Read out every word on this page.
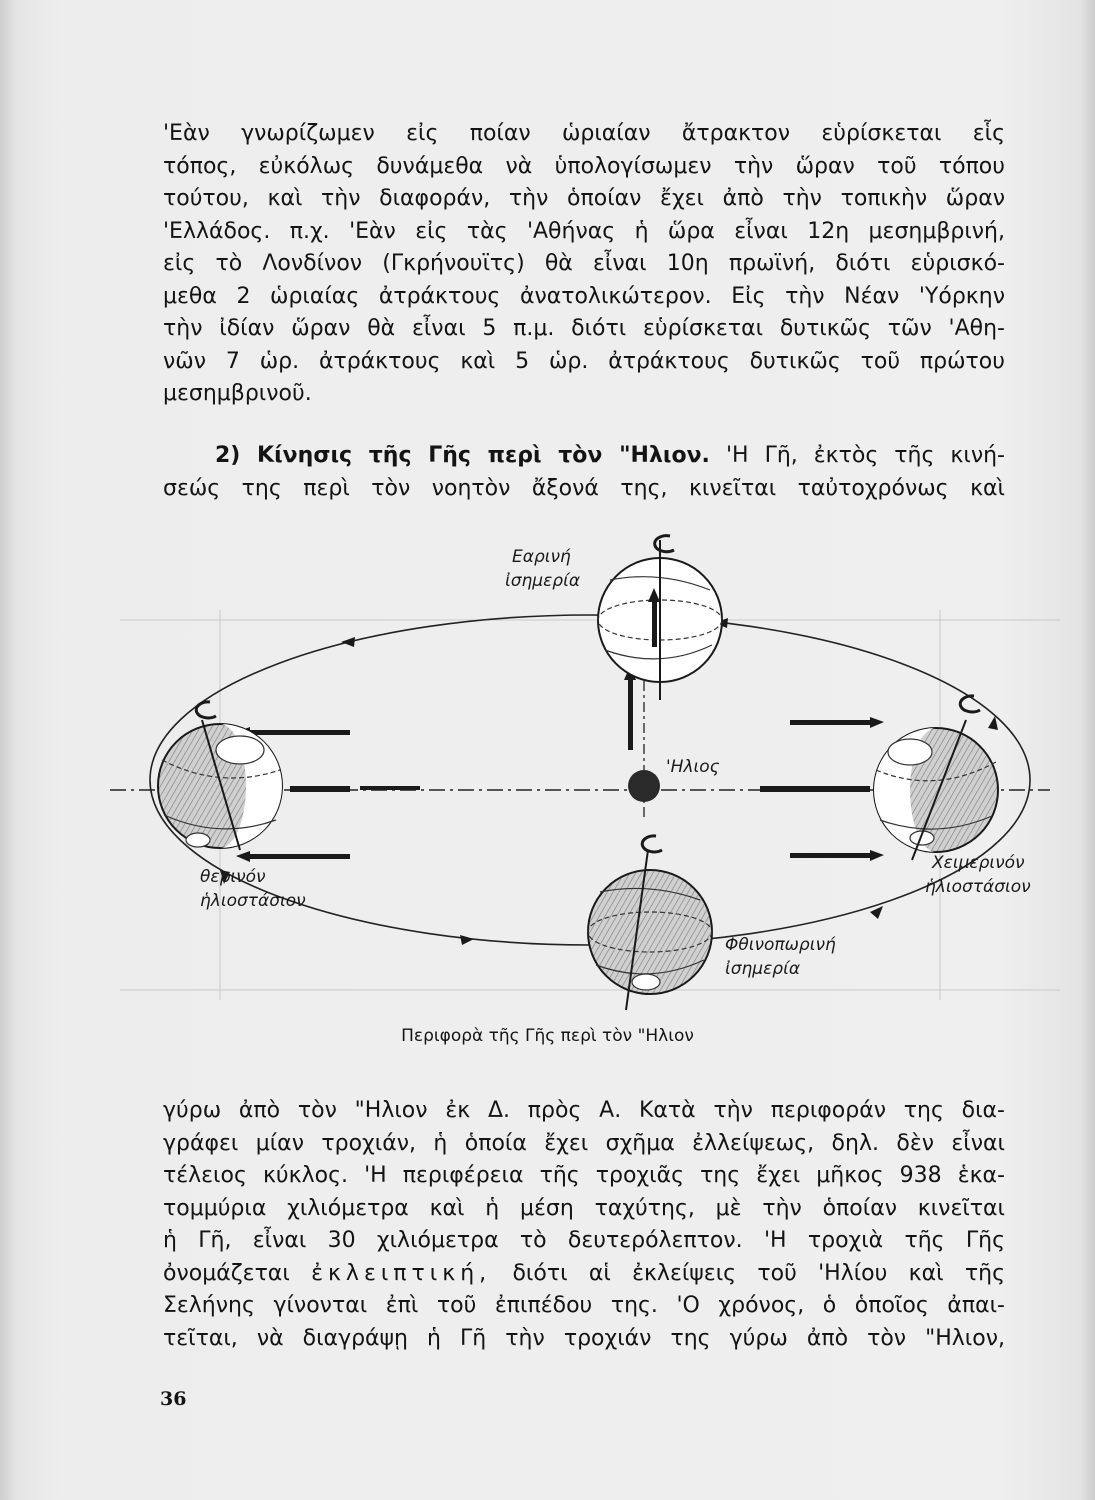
'Εὰν γνωρίζωμεν εἰς ποίαν ὡριαίαν ἄτρακτον εὑρίσκεται εἷς
τόπος, εὐκόλως δυνάμεθα νὰ ὑπολογίσωμεν τὴν ὥραν τοῦ τόπου
τούτου, καὶ τὴν διαφοράν, τὴν ὁποίαν ἔχει ἀπὸ τὴν τοπικὴν ὥραν
'Ελλάδος. π.χ. 'Εὰν εἰς τὰς 'Αθήνας ἡ ὥρα εἶναι 12η μεσημβρινή,
εἰς τὸ Λονδίνον (Γκρήνουϊτς) θὰ εἶναι 10η πρωϊνή, διότι εὑρισκό-
μεθα 2 ὡριαίας ἀτράκτους ἀνατολικώτερον. Εἰς τὴν Νέαν 'Υόρκην
τὴν ἰδίαν ὥραν θὰ εἶναι 5 π.μ. διότι εὑρίσκεται δυτικῶς τῶν 'Αθη-
νῶν 7 ὡρ. ἀτράκτους καὶ 5 ὡρ. ἀτράκτους δυτικῶς τοῦ πρώτου
μεσημβρινοῦ.
2) Κίνησις τῆς Γῆς περὶ τὸν "Ηλιον. 'Η Γῆ, ἐκτὸς τῆς κινή-
σεώς της περὶ τὸν νοητὸν ἄξονά της, κινεῖται ταὐτοχρόνως καὶ
'Ηλιος
Εαρινή
ἰσημερία
θερινόν
ἡλιοστάσιον
Χειμερινόν
ἡλιοστάσιον
Φθινοπωρινή
ἰσημερία
Περιφορὰ τῆς Γῆς περὶ τὸν "Ηλιον
γύρω ἀπὸ τὸν "Ηλιον ἐκ Δ. πρὸς Α. Κατὰ τὴν περιφοράν της δια-
γράφει μίαν τροχιάν, ἡ ὁποία ἔχει σχῆμα ἐλλείψεως, δηλ. δὲν εἶναι
τέλειος κύκλος. 'Η περιφέρεια τῆς τροχιᾶς της ἔχει μῆκος 938 ἑκα-
τομμύρια χιλιόμετρα καὶ ἡ μέση ταχύτης, μὲ τὴν ὁποίαν κινεῖται
ἡ Γῆ, εἶναι 30 χιλιόμετρα τὸ δευτερόλεπτον. 'Η τροχιὰ τῆς Γῆς
ὀνομάζεται ἐκλειπτική, διότι αἱ ἐκλείψεις τοῦ 'Ηλίου καὶ τῆς
Σελήνης γίνονται ἐπὶ τοῦ ἐπιπέδου της. 'Ο χρόνος, ὁ ὁποῖος ἀπαι-
τεῖται, νὰ διαγράψῃ ἡ Γῆ τὴν τροχιάν της γύρω ἀπὸ τὸν "Ηλιον,
36
